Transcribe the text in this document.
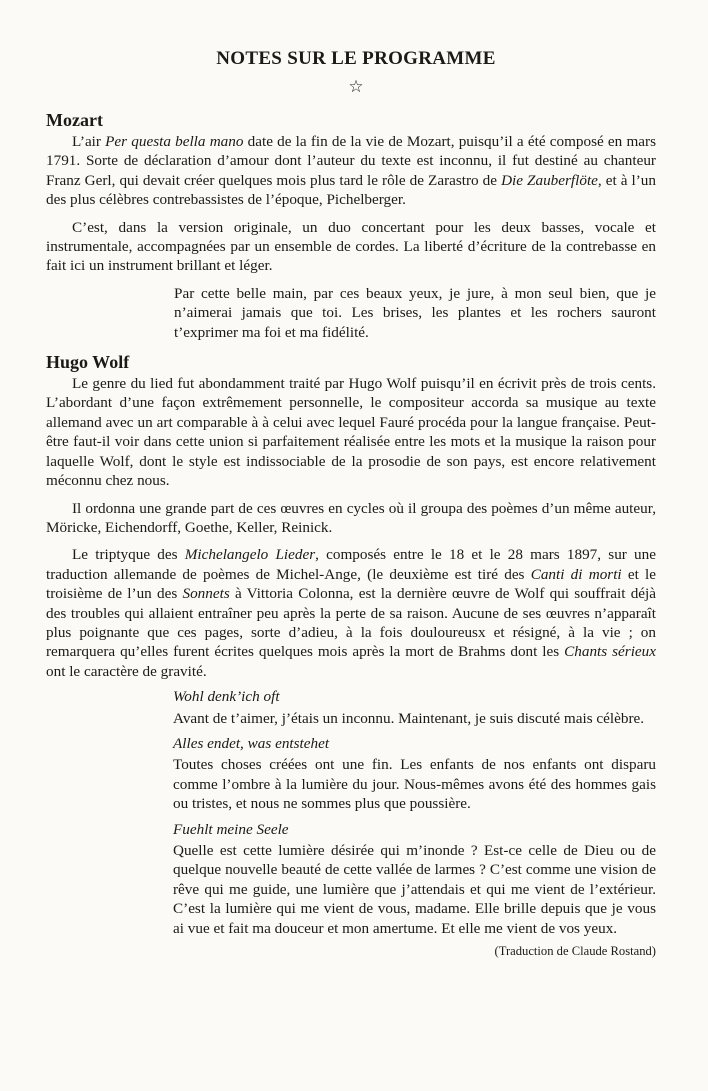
NOTES SUR LE PROGRAMME
☆
Mozart

L’air Per questa bella mano date de la fin de la vie de Mozart, puisqu’il a été composé en mars 1791. Sorte de déclaration d’amour dont l’auteur du texte est inconnu, il fut destiné au chanteur Franz Gerl, qui devait créer quelques mois plus tard le rôle de Zarastro de Die Zauberflöte, et à l’un des plus célèbres contrebassistes de l’époque, Pichelberger.

C’est, dans la version originale, un duo concertant pour les deux basses, vocale et instrumentale, accompagnées par un ensemble de cordes. La liberté d’écriture de la contrebasse en fait ici un instrument brillant et léger.

Par cette belle main, par ces beaux yeux, je jure, à mon seul bien, que je n’aimerai jamais que toi. Les brises, les plantes et les rochers sauront t’exprimer ma foi et ma fidélité.
Hugo Wolf

Le genre du lied fut abondamment traité par Hugo Wolf puisqu’il en écrivit près de trois cents. L’abordant d’une façon extrêmement personnelle, le compositeur accorda sa musique au texte allemand avec un art comparable à à celui avec lequel Fauré procéda pour la langue française. Peut-être faut-il voir dans cette union si parfaitement réalisée entre les mots et la musique la raison pour laquelle Wolf, dont le style est indissociable de la prosodie de son pays, est encore relativement méconnu chez nous.

Il ordonna une grande part de ces œuvres en cycles où il groupa des poèmes d’un même auteur, Möricke, Eichendorff, Goethe, Keller, Reinick.

Le triptyque des Michelangelo Lieder, composés entre le 18 et le 28 mars 1897, sur une traduction allemande de poèmes de Michel-Ange, (le deuxième est tiré des Canti di morti et le troisième de l’un des Sonnets à Vittoria Colonna, est la dernière œuvre de Wolf qui souffrait déjà des troubles qui allaient entraîner peu après la perte de sa raison. Aucune de ses œuvres n’apparaît plus poignante que ces pages, sorte d’adieu, à la fois douloureusx et résigné, à la vie ; on remarquera qu’elles furent écrites quelques mois après la mort de Brahms dont les Chants sérieux ont le caractère de gravité.

Wohl denk’ich oft
Avant de t’aimer, j’étais un inconnu. Maintenant, je suis discuté mais célèbre.
Alles endet, was entstehet
Toutes choses créées ont une fin. Les enfants de nos enfants ont disparu comme l’ombre à la lumière du jour. Nous-mêmes avons été des hommes gais ou tristes, et nous ne sommes plus que poussière.
Fuehlt meine Seele
Quelle est cette lumière désirée qui m’inonde ? Est-ce celle de Dieu ou de quelque nouvelle beauté de cette vallée de larmes ? C’est comme une vision de rêve qui me guide, une lumière que j’attendais et qui me vient de l’extérieur. C’est la lumière qui me vient de vous, madame. Elle brille depuis que je vous ai vue et fait ma douceur et mon amertume. Et elle me vient de vos yeux.
(Traduction de Claude Rostand)
